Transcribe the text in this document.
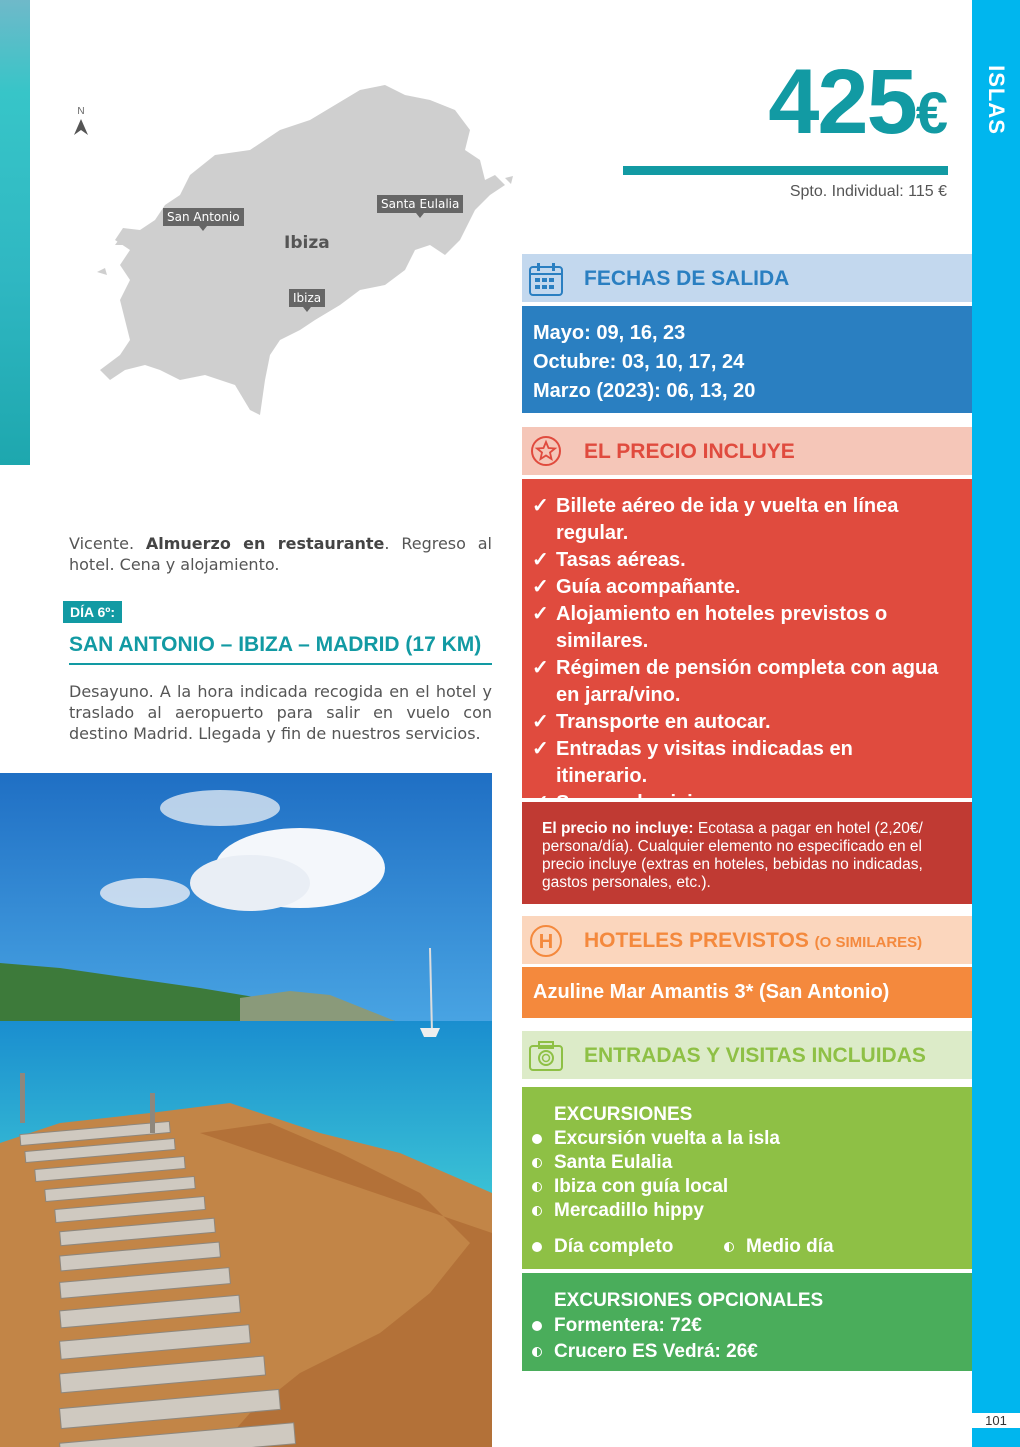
N
San Antonio
Santa Eulalia
Ibiza
Ibiza
425€
Spto. Individual: 115 €
ISLAS
101
Vicente. Almuerzo en restaurante. Regreso al hotel. Cena y alojamiento.
DÍA 6º:
SAN ANTONIO – IBIZA – MADRID (17 KM)
Desayuno. A la hora indicada recogida en el hotel y traslado al aeropuerto para salir en vuelo con destino Madrid. Llegada y fin de nuestros servicios.
FECHAS DE SALIDA
Mayo: 09, 16, 23
Octubre: 03, 10, 17, 24
Marzo (2023): 06, 13, 20
EL PRECIO INCLUYE
✓ Billete aéreo de ida y vuelta en línea regular.
✓ Tasas aéreas.
✓ Guía acompañante.
✓ Alojamiento en hoteles previstos o similares.
✓ Régimen de pensión completa con agua en jarra/vino.
✓ Transporte en autocar.
✓ Entradas y visitas indicadas en itinerario.
El precio no incluye: Ecotasa a pagar en hotel (2,20€/ persona/día). Cualquier elemento no especificado en el precio incluye (extras en hoteles, bebidas no indicadas, gastos personales, etc.).
H HOTELES PREVISTOS (O SIMILARES)
Azuline Mar Amantis 3* (San Antonio)
ENTRADAS Y VISITAS INCLUIDAS
EXCURSIONES
Excursión vuelta a la isla
Santa Eulalia
Ibiza con guía local
Mercadillo hippy
Día completo	Medio día
EXCURSIONES OPCIONALES
Formentera: 72€
Crucero ES Vedrá: 26€
